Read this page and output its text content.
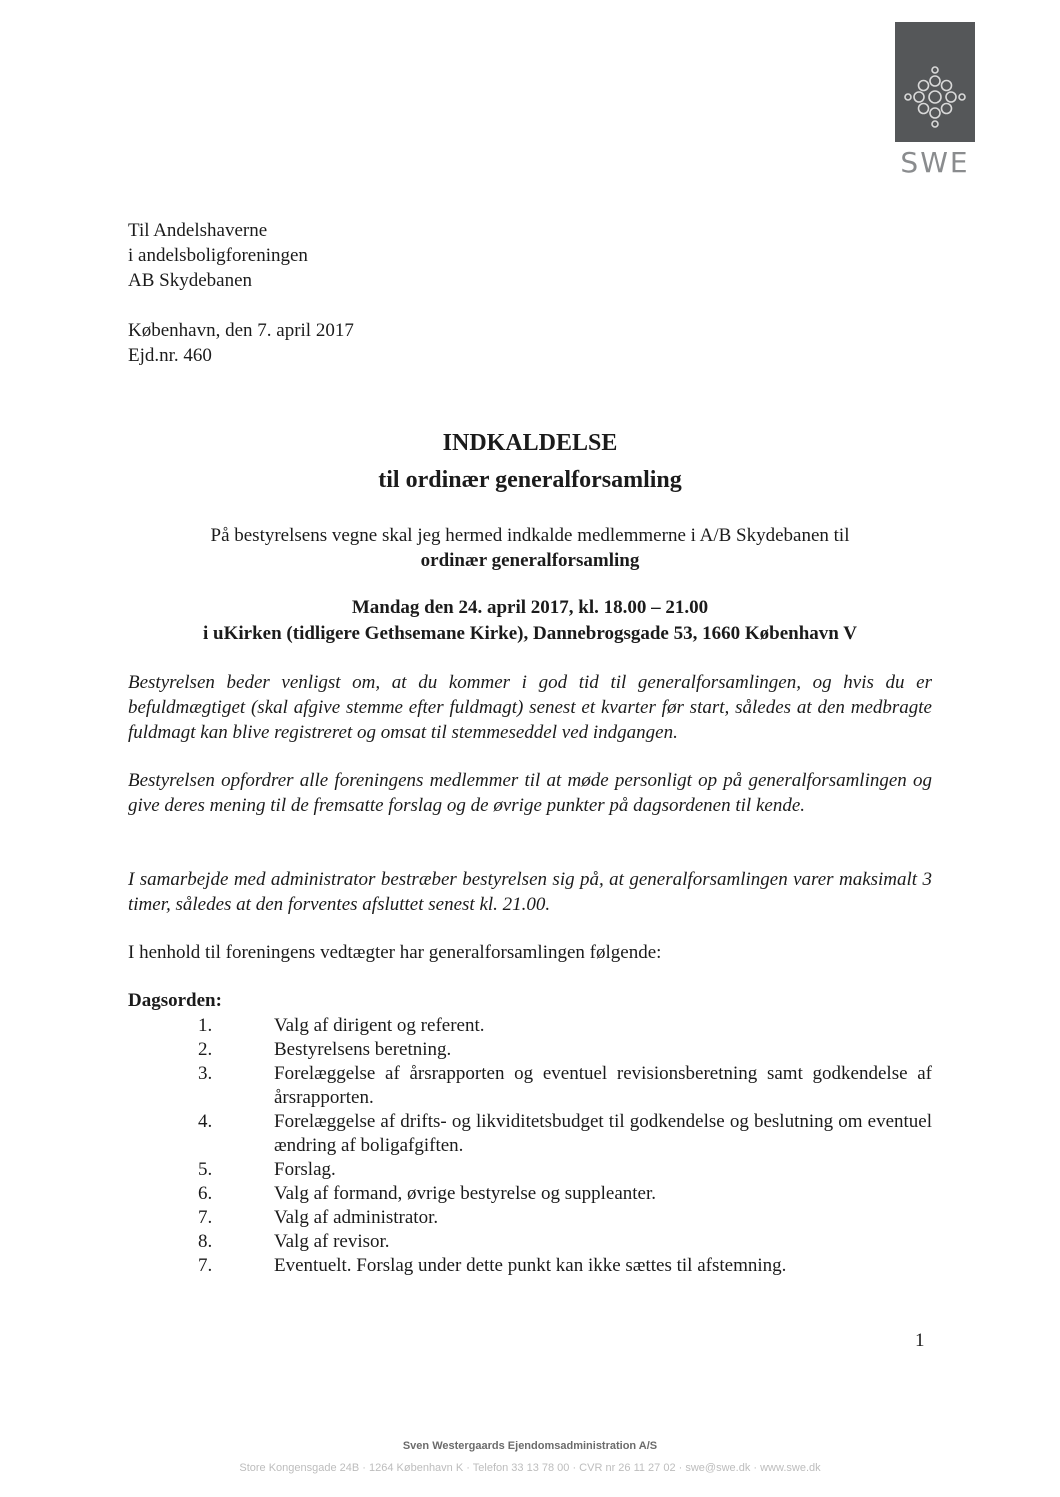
SWE
Til Andelshaverne
i andelsboligforeningen
AB Skydebanen
København, den 7. april 2017
Ejd.nr. 460
INDKALDELSE
til ordinær generalforsamling
På bestyrelsens vegne skal jeg hermed indkalde medlemmerne i A/B Skydebanen til
ordinær generalforsamling
Mandag den 24. april 2017, kl. 18.00 – 21.00
i uKirken (tidligere Gethsemane Kirke), Dannebrogsgade 53, 1660 København V
Bestyrelsen beder venligst om, at du kommer i god tid til generalforsamlingen, og hvis du er befuldmægtiget (skal afgive stemme efter fuldmagt) senest et kvarter før start, således at den medbragte fuldmagt kan blive registreret og omsat til stemmeseddel ved indgangen.
Bestyrelsen opfordrer alle foreningens medlemmer til at møde personligt op på generalforsamlingen og give deres mening til de fremsatte forslag og de øvrige punkter på dagsordenen til kende.
I samarbejde med administrator bestræber bestyrelsen sig på, at generalforsamlingen varer maksimalt 3 timer, således at den forventes afsluttet senest kl. 21.00.
I henhold til foreningens vedtægter har generalforsamlingen følgende:
Dagsorden:
1.	Valg af dirigent og referent.
2.	Bestyrelsens beretning.
3.	Forelæggelse af årsrapporten og eventuel revisionsberetning samt godkendelse af årsrapporten.
4.	Forelæggelse af drifts- og likviditetsbudget til godkendelse og beslutning om eventuel ændring af boligafgiften.
5.	Forslag.
6.	Valg af formand, øvrige bestyrelse og suppleanter.
7.	Valg af administrator.
8.	Valg af revisor.
7.	Eventuelt. Forslag under dette punkt kan ikke sættes til afstemning.
1
Sven Westergaards Ejendomsadministration A/S
Store Kongensgade 24B · 1264 København K · Telefon 33 13 78 00 · CVR nr 26 11 27 02 · swe@swe.dk · www.swe.dk
